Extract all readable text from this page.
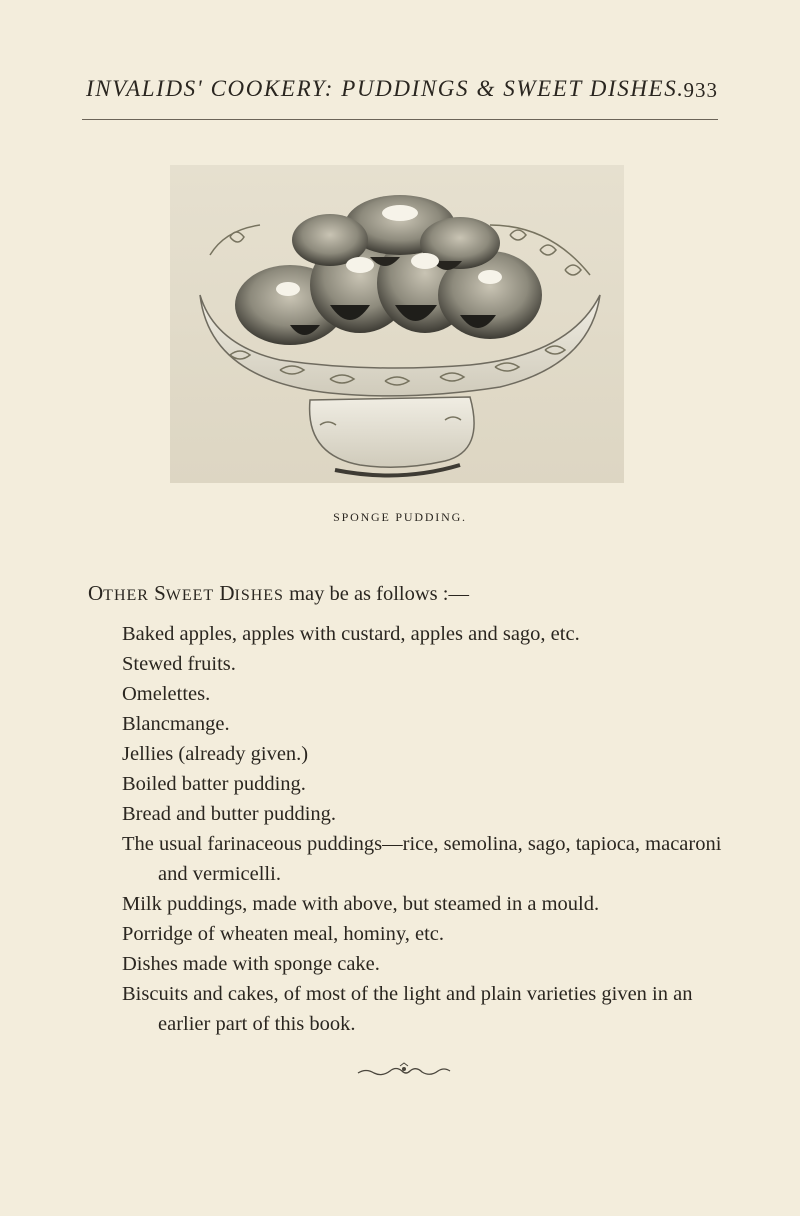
INVALIDS' COOKERY: PUDDINGS & SWEET DISHES.
933
SPONGE PUDDING.
OTHER SWEET DISHES may be as follows :—
Baked apples, apples with custard, apples and sago, etc.
Stewed fruits.
Omelettes.
Blancmange.
Jellies (already given.)
Boiled batter pudding.
Bread and butter pudding.
The usual farinaceous puddings—rice, semolina, sago, tapioca, macaroni and vermicelli.
Milk puddings, made with above, but steamed in a mould.
Porridge of wheaten meal, hominy, etc.
Dishes made with sponge cake.
Biscuits and cakes, of most of the light and plain varieties given in an earlier part of this book.
